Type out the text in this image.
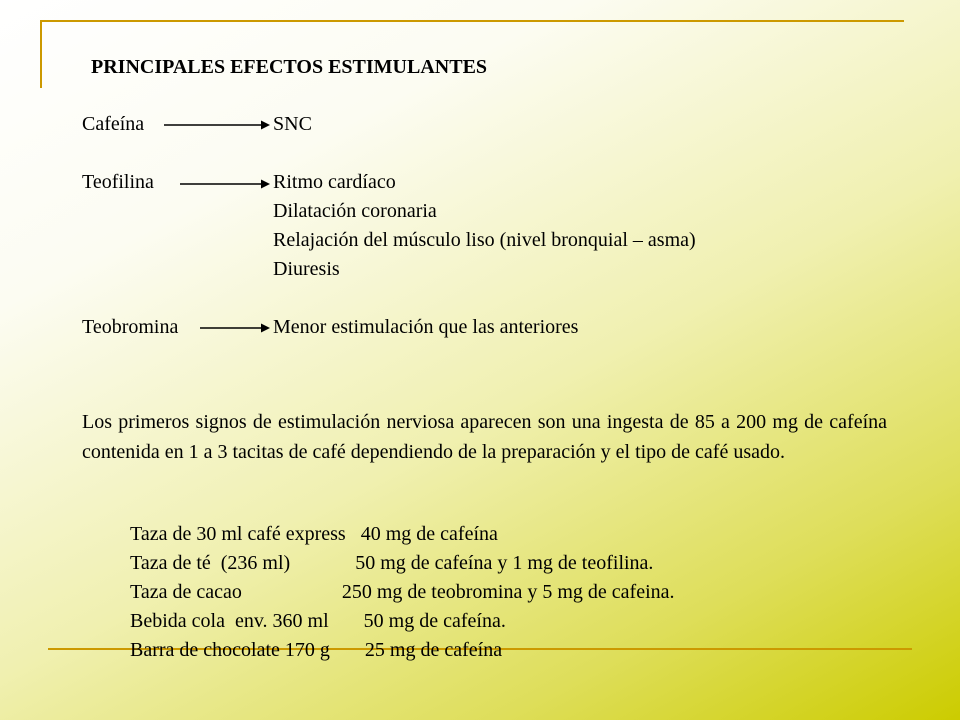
PRINCIPALES EFECTOS ESTIMULANTES
Cafeína	SNC
Teofilina	Ritmo cardíaco
Dilatación coronaria
Relajación del músculo liso (nivel bronquial – asma)
Diuresis
Teobromina	Menor estimulación que las anteriores
Los primeros signos de estimulación nerviosa aparecen son una ingesta de 85 a 200 mg de cafeína contenida en 1 a 3 tacitas de café dependiendo de la preparación y el tipo de café usado.
Taza de 30 ml café express 40 mg de cafeína
Taza de té  (236 ml)	50 mg de cafeína y 1 mg de teofilina.
Taza de cacao	250 mg de teobromina y 5 mg de cafeina.
Bebida cola  env. 360 ml 50 mg de cafeína.
Barra de chocolate 170 g 25 mg de cafeína
